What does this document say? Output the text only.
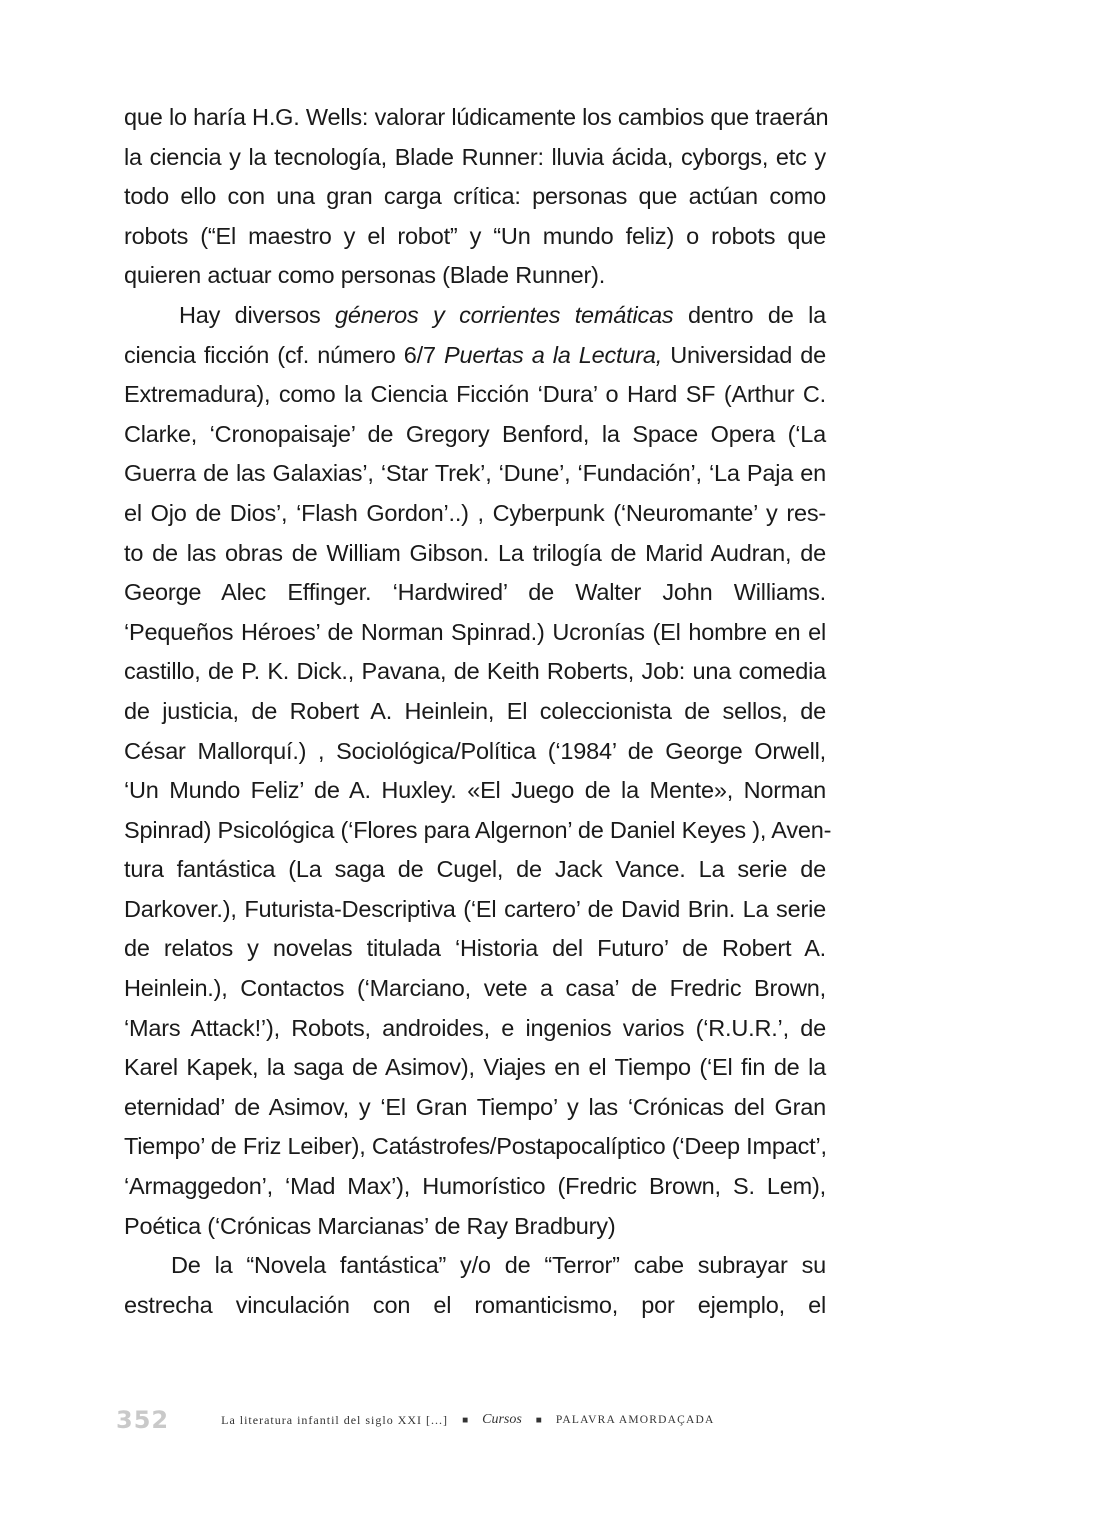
que lo haría H.G. Wells: valorar lúdicamente los cambios que traerán
la ciencia y la tecnología, Blade Runner: lluvia ácida, cyborgs, etc y
todo ello con una gran carga crítica: personas que actúan como
robots (“El maestro y el robot” y “Un mundo feliz) o robots que
quieren actuar como personas (Blade Runner).
Hay diversos géneros y corrientes temáticas dentro de la
ciencia ficción (cf. número 6/7 Puertas a la Lectura, Universidad de
Extremadura), como la Ciencia Ficción ‘Dura’ o Hard SF (Arthur C.
Clarke, ‘Cronopaisaje’ de Gregory Benford, la Space Opera (‘La
Guerra de las Galaxias’, ‘Star Trek’, ‘Dune’, ‘Fundación’, ‘La Paja en
el Ojo de Dios’, ‘Flash Gordon’..) , Cyberpunk (‘Neuromante’ y res-
to de las obras de William Gibson. La trilogía de Marid Audran, de
George Alec Effinger. ‘Hardwired’ de Walter John Williams.
‘Pequeños Héroes’ de Norman Spinrad.) Ucronías (El hombre en el
castillo, de P. K. Dick., Pavana, de Keith Roberts, Job: una comedia
de justicia, de Robert A. Heinlein, El coleccionista de sellos, de
César Mallorquí.) , Sociológica/Política (‘1984’ de George Orwell,
‘Un Mundo Feliz’ de A. Huxley. «El Juego de la Mente», Norman
Spinrad) Psicológica (‘Flores para Algernon’ de Daniel Keyes ), Aven-
tura fantástica (La saga de Cugel, de Jack Vance. La serie de
Darkover.), Futurista-Descriptiva (‘El cartero’ de David Brin. La serie
de relatos y novelas titulada ‘Historia del Futuro’ de Robert A.
Heinlein.), Contactos (‘Marciano, vete a casa’ de Fredric Brown,
‘Mars Attack!’), Robots, androides, e ingenios varios (‘R.U.R.’, de
Karel Kapek, la saga de Asimov), Viajes en el Tiempo (‘El fin de la
eternidad’ de Asimov, y ‘El Gran Tiempo’ y las ‘Crónicas del Gran
Tiempo’ de Friz Leiber), Catástrofes/Postapocalíptico (‘Deep Impact’,
‘Armaggedon’, ‘Mad Max’), Humorístico (Fredric Brown, S. Lem),
Poética (‘Crónicas Marcianas’ de Ray Bradbury)
De la “Novela fantástica” y/o de “Terror” cabe subrayar su
estrecha vinculación con el romanticismo, por ejemplo, el
352	La literatura infantil del siglo XXI [...] ■ Cursos ■ PALAVRA AMORDAÇADA
